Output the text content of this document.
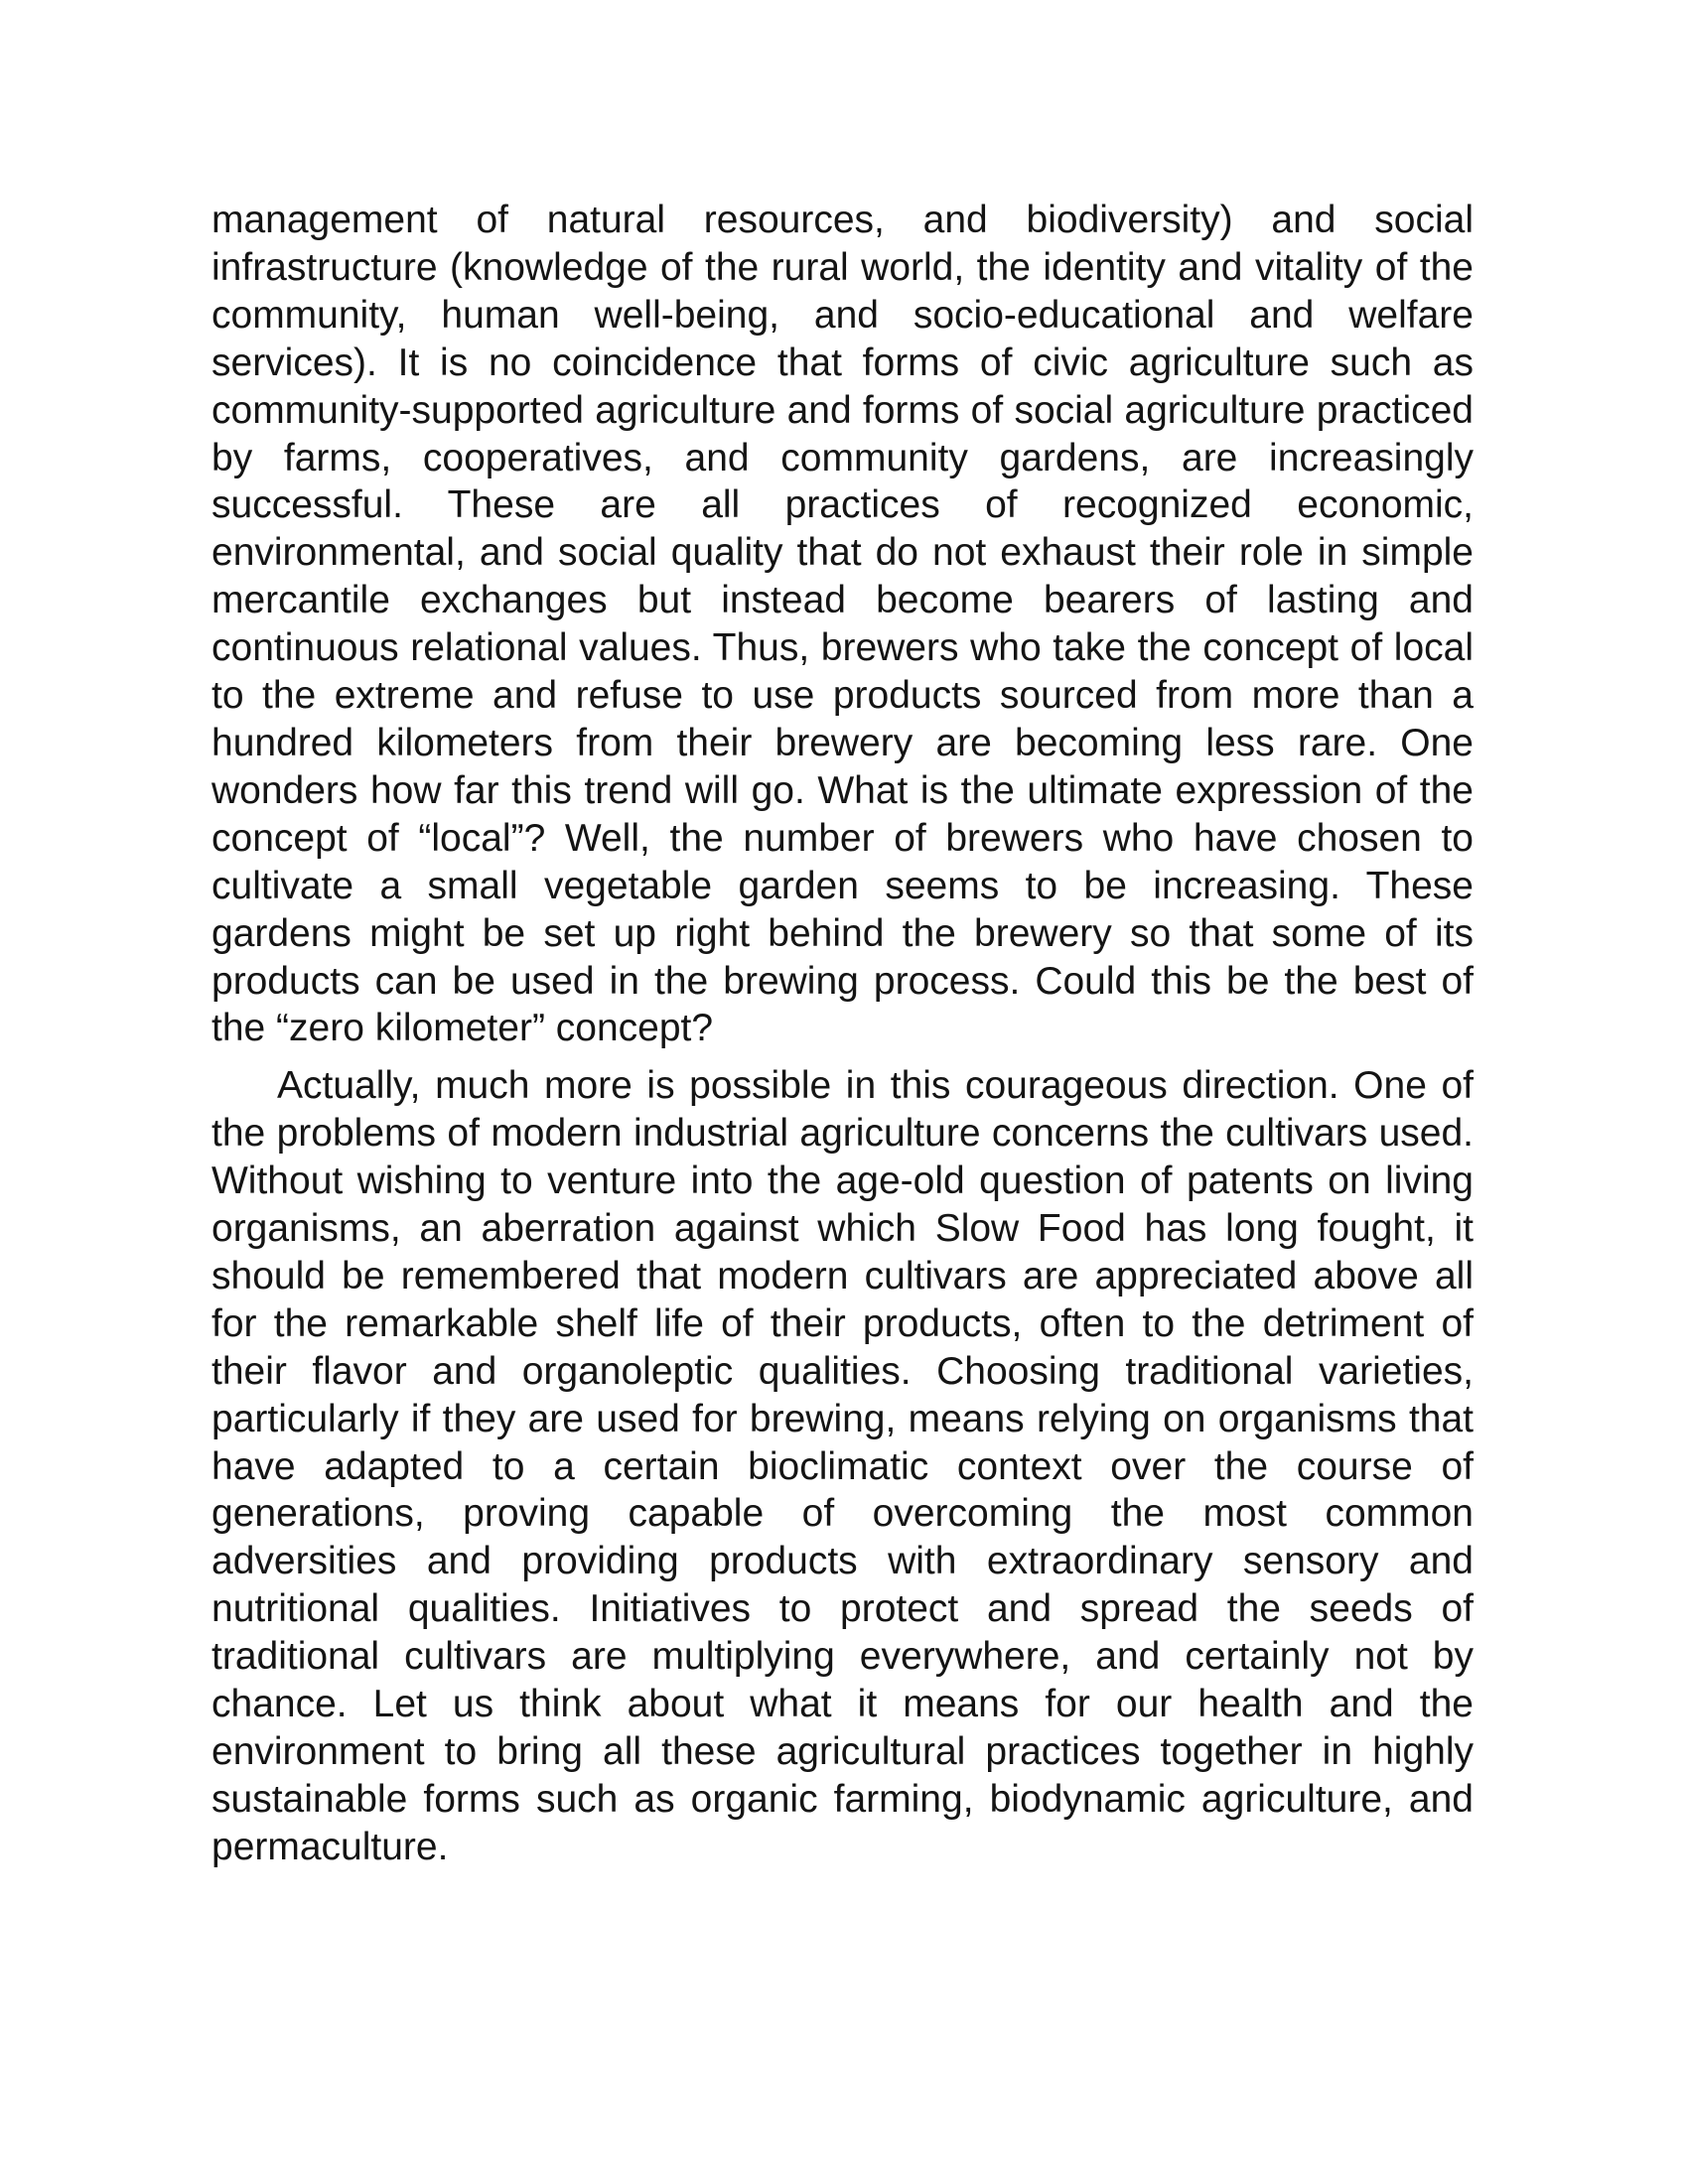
management of natural resources, and biodiversity) and social infrastructure (knowledge of the rural world, the identity and vitality of the community, human well-being, and socio-educational and welfare services). It is no coincidence that forms of civic agriculture such as community-supported agriculture and forms of social agriculture practiced by farms, cooperatives, and community gardens, are increasingly successful. These are all practices of recognized economic, environmental, and social quality that do not exhaust their role in simple mercantile exchanges but instead become bearers of lasting and continuous relational values. Thus, brewers who take the concept of local to the extreme and refuse to use products sourced from more than a hundred kilometers from their brewery are becoming less rare. One wonders how far this trend will go. What is the ultimate expression of the concept of “local”? Well, the number of brewers who have chosen to cultivate a small vegetable garden seems to be increasing. These gardens might be set up right behind the brewery so that some of its products can be used in the brewing process. Could this be the best of the “zero kilometer” concept?

Actually, much more is possible in this courageous direction. One of the problems of modern industrial agriculture concerns the cultivars used. Without wishing to venture into the age-old question of patents on living organisms, an aberration against which Slow Food has long fought, it should be remembered that modern cultivars are appreciated above all for the remarkable shelf life of their products, often to the detriment of their flavor and organoleptic qualities. Choosing traditional varieties, particularly if they are used for brewing, means relying on organisms that have adapted to a certain bioclimatic context over the course of generations, proving capable of overcoming the most common adversities and providing products with extraordinary sensory and nutritional qualities. Initiatives to protect and spread the seeds of traditional cultivars are multiplying everywhere, and certainly not by chance. Let us think about what it means for our health and the environment to bring all these agricultural practices together in highly sustainable forms such as organic farming, biodynamic agriculture, and permaculture.
